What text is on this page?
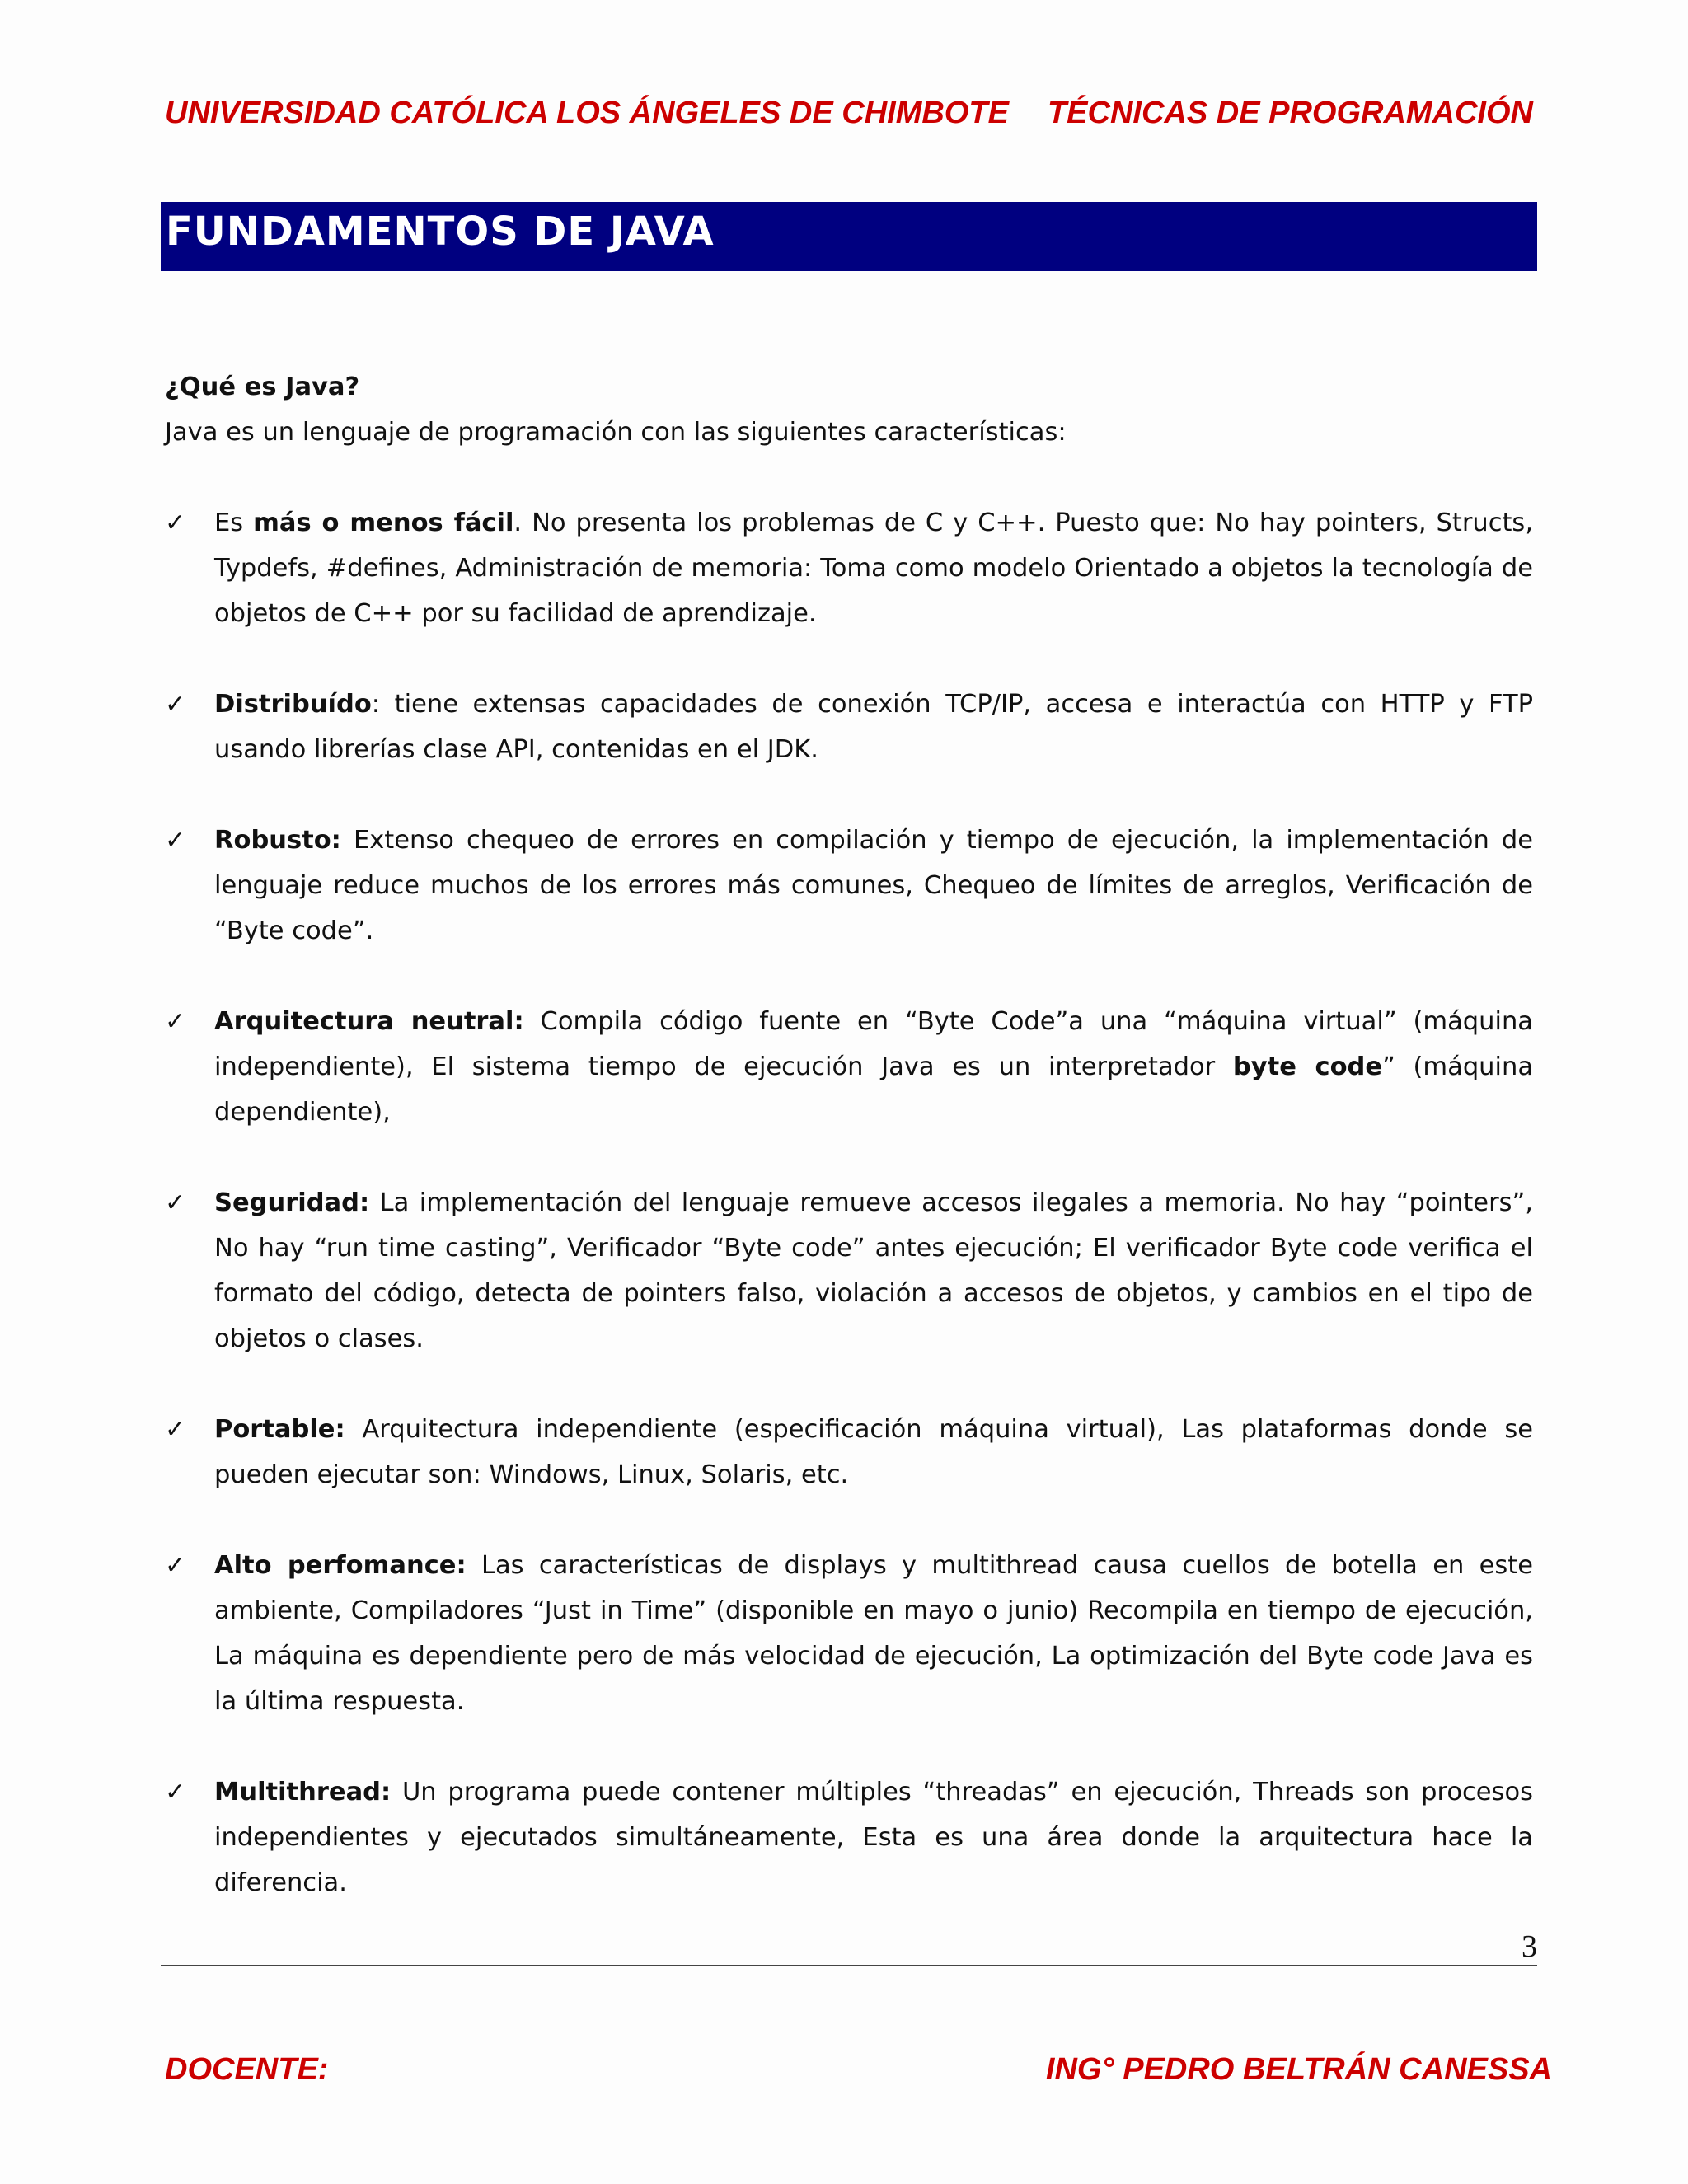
UNIVERSIDAD CATÓLICA LOS ÁNGELES DE CHIMBOTE TÉCNICAS DE PROGRAMACIÓN
FUNDAMENTOS DE JAVA

¿Qué es Java?

Java es un lenguaje de programación con las siguientes características:

✓ Es más o menos fácil. No presenta los problemas de C y C++. Puesto que: No hay pointers, Structs, Typdefs, #defines, Administración de memoria: Toma como modelo Orientado a objetos la tecnología de objetos de C++ por su facilidad de aprendizaje.
✓ Distribuído: tiene extensas capacidades de conexión TCP/IP, accesa e interactúa con HTTP y FTP usando librerías clase API, contenidas en el JDK.
✓ Robusto: Extenso chequeo de errores en compilación y tiempo de ejecución, la implementación de lenguaje reduce muchos de los errores más comunes, Chequeo de límites de arreglos, Verificación de “Byte code”.
✓ Arquitectura neutral: Compila código fuente en “Byte Code”a una “máquina virtual” (máquina independiente), El sistema tiempo de ejecución Java es un interpretador byte code” (máquina dependiente),
✓ Seguridad: La implementación del lenguaje remueve accesos ilegales a memoria. No hay “pointers”, No hay “run time casting”, Verificador “Byte code” antes ejecución; El verificador Byte code verifica el formato del código, detecta de pointers falso, violación a accesos de objetos, y cambios en el tipo de objetos o clases.
✓ Portable: Arquitectura independiente (especificación máquina virtual), Las plataformas donde se pueden ejecutar son: Windows, Linux, Solaris, etc.
✓ Alto perfomance: Las características de displays y multithread causa cuellos de botella en este ambiente, Compiladores “Just in Time” (disponible en mayo o junio) Recompila en tiempo de ejecución, La máquina es dependiente pero de más velocidad de ejecución, La optimización del Byte code Java es la última respuesta.
✓ Multithread: Un programa puede contener múltiples “threadas” en ejecución, Threads son procesos independientes y ejecutados simultáneamente, Esta es una área donde la arquitectura hace la diferencia.
3
DOCENTE:	ING° PEDRO BELTRÁN CANESSA
